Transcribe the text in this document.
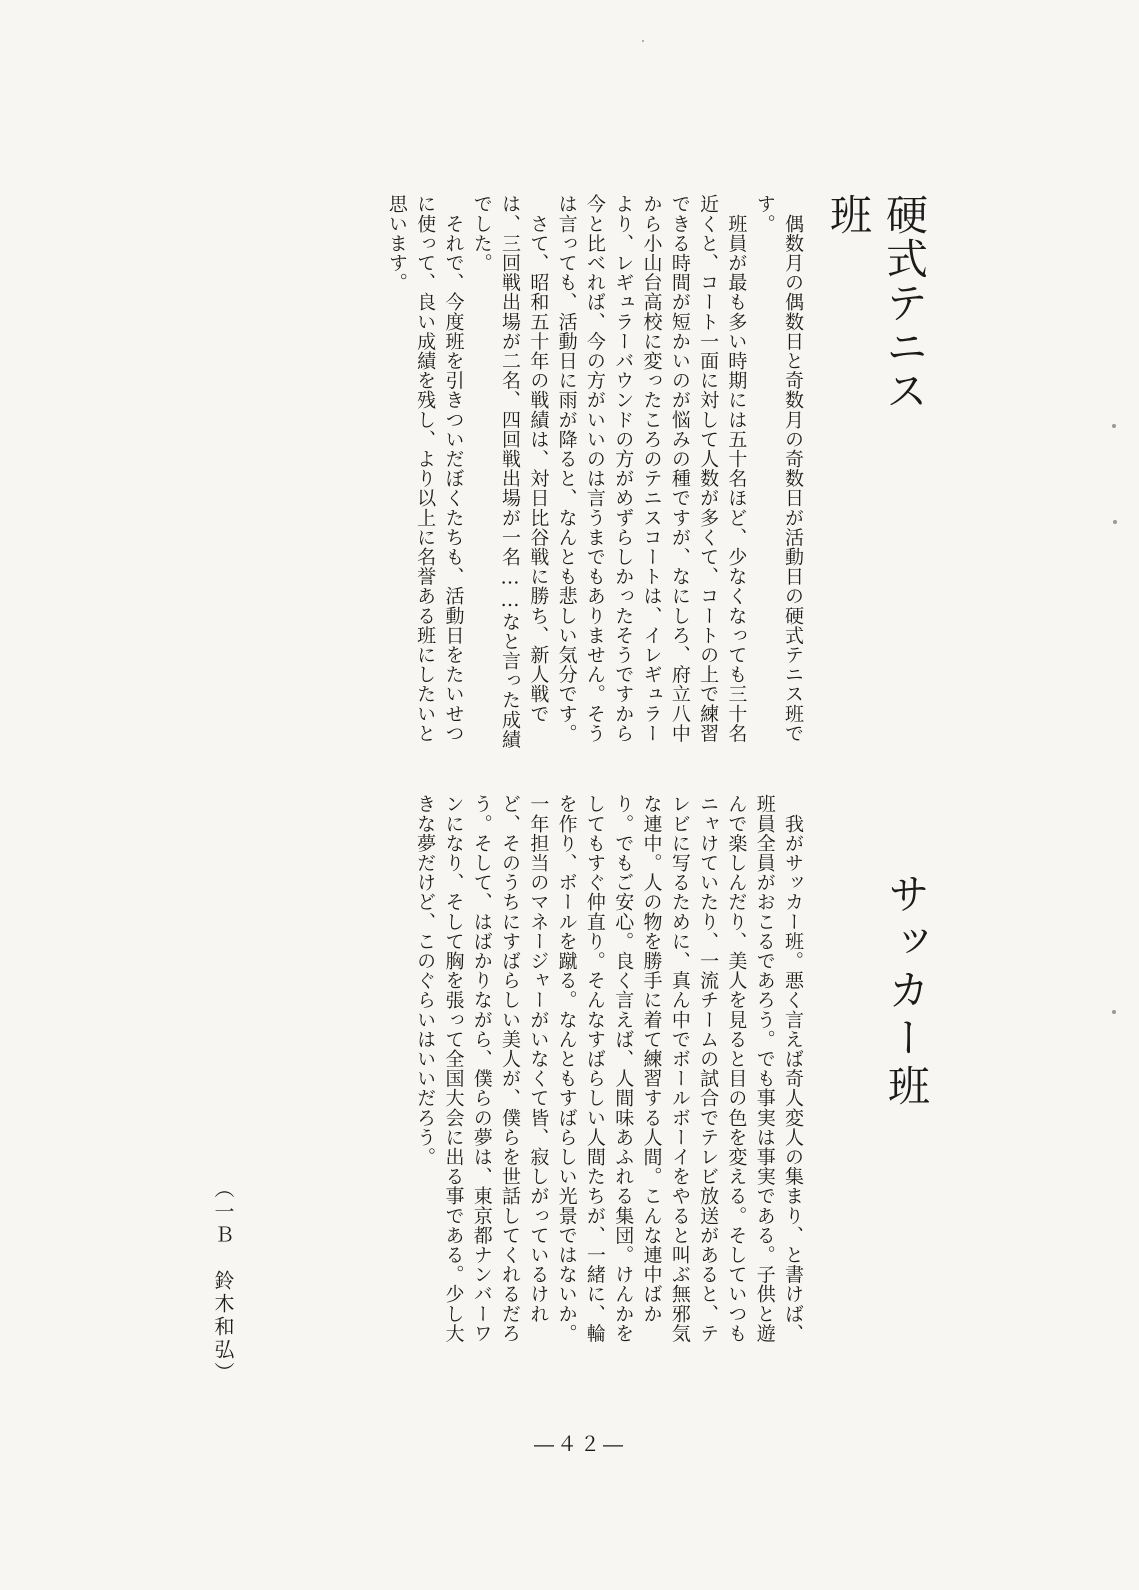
硬式テニス班
　偶数月の偶数日と奇数月の奇数日が活動日の硬式テニス班です。
　班員が最も多い時期には五十名ほど、少なくなっても三十名近くと、コート一面に対して人数が多くて、コートの上で練習できる時間が短かいのが悩みの種ですが、なにしろ、府立八中から小山台高校に変ったころのテニスコートは、イレギュラーより、レギュラーバウンドの方がめずらしかったそうですから今と比べれば、今の方がいいのは言うまでもありません。そうは言っても、活動日に雨が降ると、なんとも悲しい気分です。
　さて、昭和五十年の戦績は、対日比谷戦に勝ち、新人戦では、三回戦出場が二名、四回戦出場が一名……なと言った成績でした。
　それで、今度班を引きついだぼくたちも、活動日をたいせつに使って、良い成績を残し、より以上に名誉ある班にしたいと思います。
サッカー班
　我がサッカー班。悪く言えば奇人変人の集まり、と書けば、班員全員がおこるであろう。でも事実は事実である。子供と遊んで楽しんだり、美人を見ると目の色を変える。そしていつもニャけていたり、一流チームの試合でテレビ放送があると、テレビに写るために、真ん中でボールボーイをやると叫ぶ無邪気な連中。人の物を勝手に着て練習する人間。こんな連中ばかり。でもご安心。良く言えば、人間味あふれる集団。けんかをしてもすぐ仲直り。そんなすばらしい人間たちが、一緒に、輪を作り、ボールを蹴る。なんともすばらしい光景ではないか。一年担当のマネージャーがいなくて皆、寂しがっているけれど、そのうちにすばらしい美人が、僕らを世話してくれるだろう。そして、はばかりながら、僕らの夢は、東京都ナンバーワンになり、そして胸を張って全国大会に出る事である。少し大きな夢だけど、このぐらいはいいだろう。
（一Ｂ　鈴木和弘）
―４２―
